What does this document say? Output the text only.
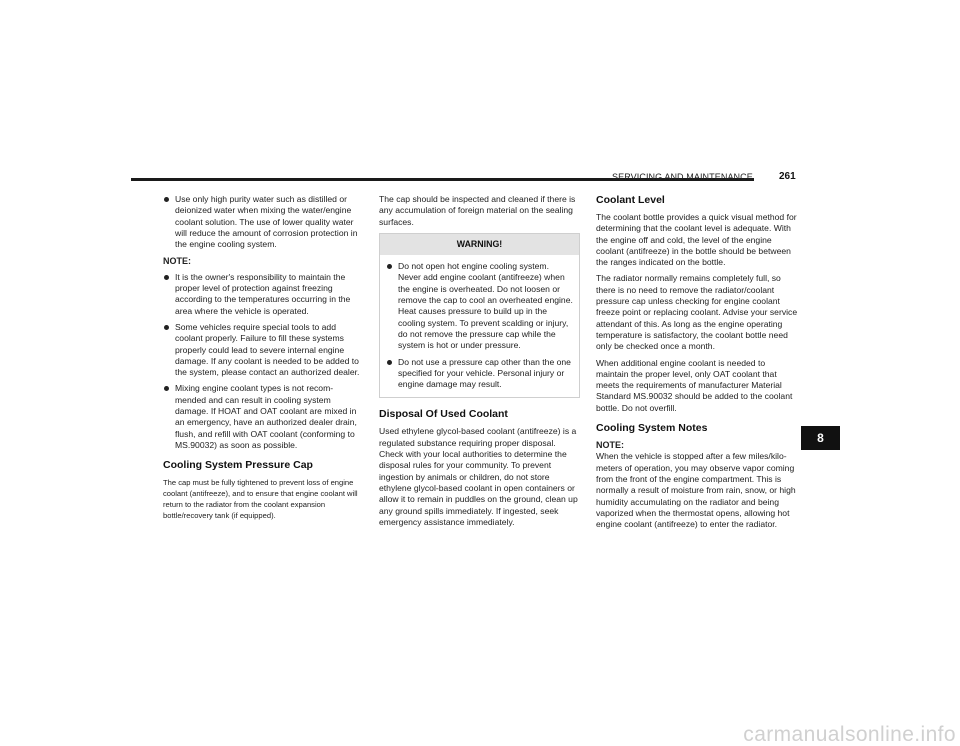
SERVICING AND MAINTENANCE	261
Use only high purity water such as distilled or deionized water when mixing the water/engine coolant solution. The use of lower quality water will reduce the amount of corrosion protection in the engine cooling system.
NOTE:
It is the owner's responsibility to maintain the proper level of protection against freezing according to the temperatures occurring in the area where the vehicle is operated.
Some vehicles require special tools to add coolant properly. Failure to fill these systems properly could lead to severe internal engine damage. If any coolant is needed to be added to the system, please contact an authorized dealer.
Mixing engine coolant types is not recom-mended and can result in cooling system damage. If HOAT and OAT coolant are mixed in an emergency, have an authorized dealer drain, flush, and refill with OAT coolant (conforming to MS.90032) as soon as possible.
Cooling System Pressure Cap

The cap must be fully tightened to prevent loss of engine coolant (antifreeze), and to ensure that engine coolant will return to the radiator from the coolant expansion bottle/recovery tank (if equipped).

The cap should be inspected and cleaned if there is any accumulation of foreign material on the sealing surfaces.

WARNING!
Do not open hot engine cooling system. Never add engine coolant (antifreeze) when the engine is overheated. Do not loosen or remove the cap to cool an overheated engine. Heat causes pressure to build up in the cooling system. To prevent scalding or injury, do not remove the pressure cap while the system is hot or under pressure.
Do not use a pressure cap other than the one specified for your vehicle. Personal injury or engine damage may result.
Disposal Of Used Coolant

Used ethylene glycol-based coolant (antifreeze) is a regulated substance requiring proper disposal. Check with your local authorities to determine the disposal rules for your community. To prevent ingestion by animals or children, do not store ethylene glycol-based coolant in open containers or allow it to remain in puddles on the ground, clean up any ground spills immediately. If ingested, seek emergency assistance immediately.

Coolant Level

The coolant bottle provides a quick visual method for determining that the coolant level is adequate. With the engine off and cold, the level of the engine coolant (antifreeze) in the bottle should be between the ranges indicated on the bottle.

The radiator normally remains completely full, so there is no need to remove the radiator/coolant pressure cap unless checking for engine coolant freeze point or replacing coolant. Advise your service attendant of this. As long as the engine operating temperature is satisfactory, the coolant bottle need only be checked once a month.

When additional engine coolant is needed to maintain the proper level, only OAT coolant that meets the requirements of manufacturer Material Standard MS.90032 should be added to the coolant bottle. Do not overfill.

Cooling System Notes
NOTE:
When the vehicle is stopped after a few miles/kilo-meters of operation, you may observe vapor coming from the front of the engine compartment. This is normally a result of moisture from rain, snow, or high humidity accumulating on the radiator and being vaporized when the thermostat opens, allowing hot engine coolant (antifreeze) to enter the radiator.
8
carmanualsonline.info
